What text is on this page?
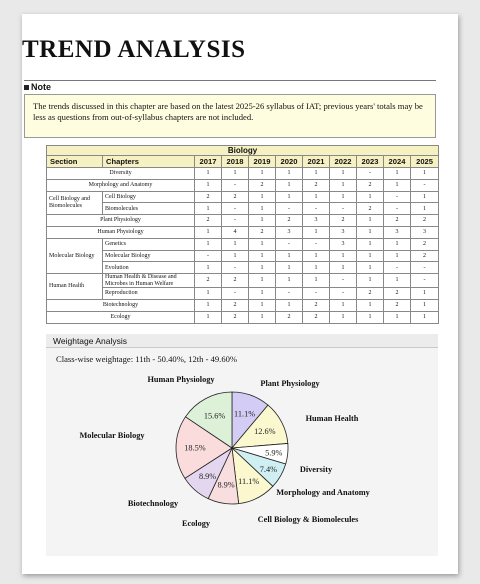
TREND ANALYSIS
Note
The trends discussed in this chapter are based on the latest 2025-26 syllabus of IAT; previous years' totals may be less as questions from out-of-syllabus chapters are not included.
Biology										
Section	Chapters	2017	2018	2019	2020	2021	2022	2023	2024	2025
Diversity		1	1	1	1	1	1	-	1	1
Morphology and Anatomy		1	-	2	1	2	1	2	1	-
Cell Biology and Biomolecules	Cell Biology	2	2	1	1	1	1	1	-	1
	Biomolecules	1	-	1	-	-	-	2	-	1
Plant Physiology		2	-	1	2	3	2	1	2	2
Human Physiology		1	4	2	3	1	3	1	3	3
Molecular Biology	Genetics	1	1	1	-	-	3	1	1	2
	Molecular Biology	-	1	1	1	1	1	1	1	2
	Evolution	1	-	1	1	1	1	1	-	-
Human Health	Human Health & Disease and Microbes in Human Welfare	2	2	1	1	1	-	1	1	-
	Reproduction	1	-	1	-	-	-	2	2	1
Biotechnology		1	2	1	1	2	1	1	2	1
Ecology		1	2	1	2	2	1	1	1	1
Weightage Analysis
Class-wise weightage: 11th - 50.40%, 12th - 49.60%
11.1%
Plant Physiology
12.6%
Human Health
5.9%
Diversity
7.4%
Morphology and Anatomy
11.1%
Cell Biology & Biomolecules
8.9%
Ecology
8.9%
Biotechnology
18.5%
Molecular Biology
15.6%
Human Physiology
